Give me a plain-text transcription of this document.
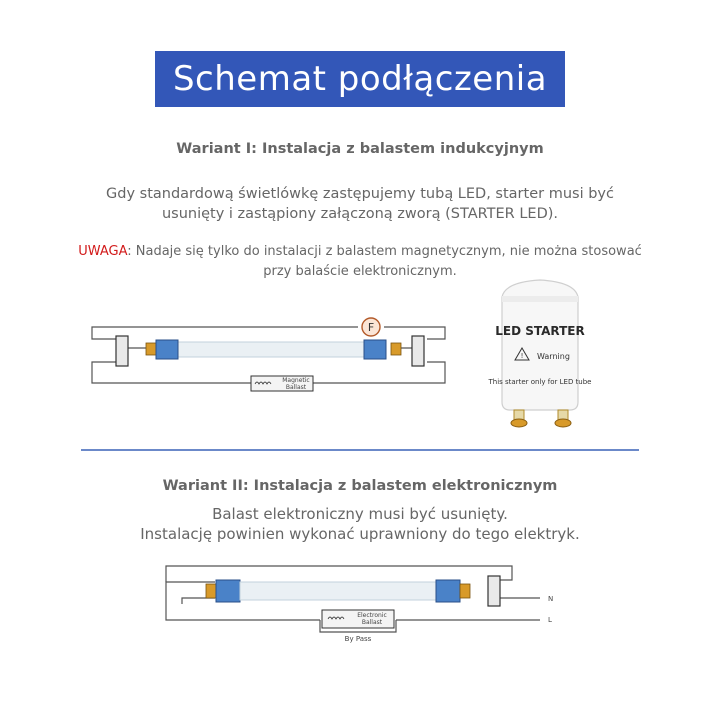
Schemat podłączenia
Wariant I: Instalacja z balastem indukcyjnym
Gdy standardową świetlówkę zastępujemy tubą LED, starter musi być
usunięty i zastąpiony załączoną zworą (STARTER LED).
UWAGA: Nadaje się tylko do instalacji z balastem magnetycznym, nie można stosować
przy balaście elektronicznym.
F
Magnetic
Ballast
LED STARTER
! Warning
This starter only for LED tube
Wariant II: Instalacja z balastem elektronicznym
Balast elektroniczny musi być usunięty.
Instalację powinien wykonać uprawniony do tego elektryk.
Electronic
Ballast
By Pass
N
L
